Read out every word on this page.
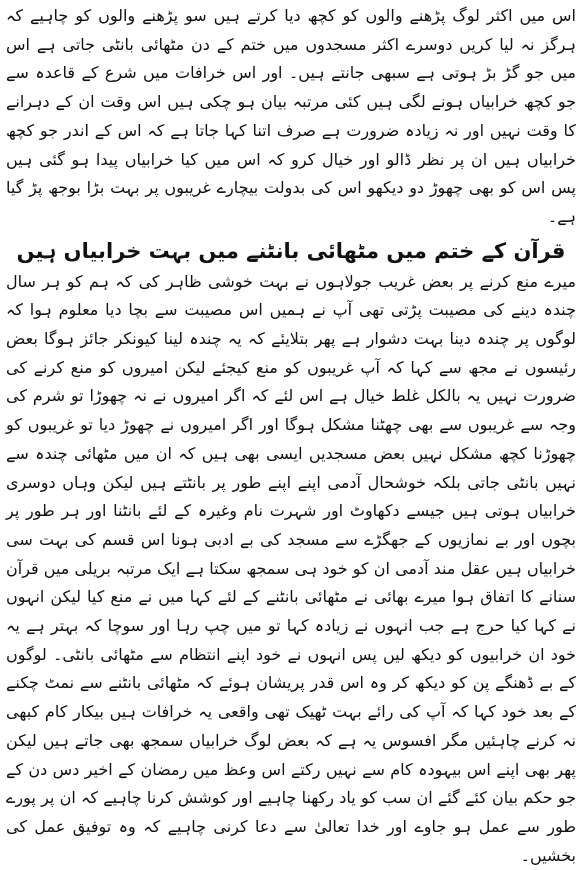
اس میں اکثر لوگ پڑھنے والوں کو کچھ دیا کرتے ہیں سو پڑھنے والوں کو چاہیے کہ ہرگز نہ لیا کریں دوسرے اکثر مسجدوں میں ختم کے دن مٹھائی بانٹی جاتی ہے اس میں جو گڑ بڑ ہوتی ہے سبھی جانتے ہیں۔ اور اس خرافات میں شرع کے قاعدہ سے جو کچھ خرابیاں ہونے لگی ہیں کئی مرتبہ بیان ہو چکی ہیں اس وقت ان کے دہرانے کا وقت نہیں اور نہ زیادہ ضرورت ہے صرف اتنا کہا جاتا ہے کہ اس کے اندر جو کچھ خرابیاں ہیں ان پر نظر ڈالو اور خیال کرو کہ اس میں کیا خرابیاں پیدا ہو گئی ہیں پس اس کو بھی چھوڑ دو دیکھو اس کی بدولت بیچارے غریبوں پر بہت بڑا بوجھ پڑ گیا ہے۔

قرآن کے ختم میں مٹھائی بانٹنے میں بہت خرابیاں ہیں

میرے منع کرنے پر بعض غریب جولاہوں نے بہت خوشی ظاہر کی کہ ہم کو ہر سال چندہ دینے کی مصیبت پڑتی تھی آپ نے ہمیں اس مصیبت سے بچا دیا معلوم ہوا کہ لوگوں پر چندہ دینا بہت دشوار ہے پھر بتلایئے کہ یہ چندہ لینا کیونکر جائز ہوگا بعض رئیسوں نے مجھ سے کہا کہ آپ غریبوں کو منع کیجئے لیکن امیروں کو منع کرنے کی ضرورت نہیں یہ بالکل غلط خیال ہے اس لئے کہ اگر امیروں نے نہ چھوڑا تو شرم کی وجہ سے غریبوں سے بھی چھٹنا مشکل ہوگا اور اگر امیروں نے چھوڑ دیا تو غریبوں کو چھوڑنا کچھ مشکل نہیں بعض مسجدیں ایسی بھی ہیں کہ ان میں مٹھائی چندہ سے نہیں بانٹی جاتی بلکہ خوشحال آدمی اپنے اپنے طور پر بانٹتے ہیں لیکن وہاں دوسری خرابیاں ہوتی ہیں جیسے دکھاوٹ اور شہرت نام وغیرہ کے لئے بانٹنا اور ہر طور پر بچوں اور بے نمازیوں کے جھگڑے سے مسجد کی بے ادبی ہونا اس قسم کی بہت سی خرابیاں ہیں عقل مند آدمی ان کو خود ہی سمجھ سکتا ہے ایک مرتبہ بریلی میں قرآن سنانے کا اتفاق ہوا میرے بھائی نے مٹھائی بانٹنے کے لئے کہا میں نے منع کیا لیکن انہوں نے کہا کیا حرج ہے جب انہوں نے زیادہ کہا تو میں چپ رہا اور سوچا کہ بہتر ہے یہ خود ان خرابیوں کو دیکھ لیں پس انہوں نے خود اپنے انتظام سے مٹھائی بانٹی۔ لوگوں کے بے ڈھنگے پن کو دیکھ کر وہ اس قدر پریشان ہوئے کہ مٹھائی بانٹنے سے نمٹ چکنے کے بعد خود کہا کہ آپ کی رائے بہت ٹھیک تھی واقعی یہ خرافات ہیں بیکار کام کبھی نہ کرنے چاہئیں مگر افسوس یہ ہے کہ بعض لوگ خرابیاں سمجھ بھی جاتے ہیں لیکن پھر بھی اپنے اس بیہودہ کام سے نہیں رکتے اس وعظ میں رمضان کے اخیر دس دن کے جو حکم بیان کئے گئے ان سب کو یاد رکھنا چاہیے اور کوشش کرنا چاہیے کہ ان پر پورے طور سے عمل ہو جاوے اور خدا تعالیٰ سے دعا کرنی چاہیے کہ وہ توفیق عمل کی بخشیں۔
